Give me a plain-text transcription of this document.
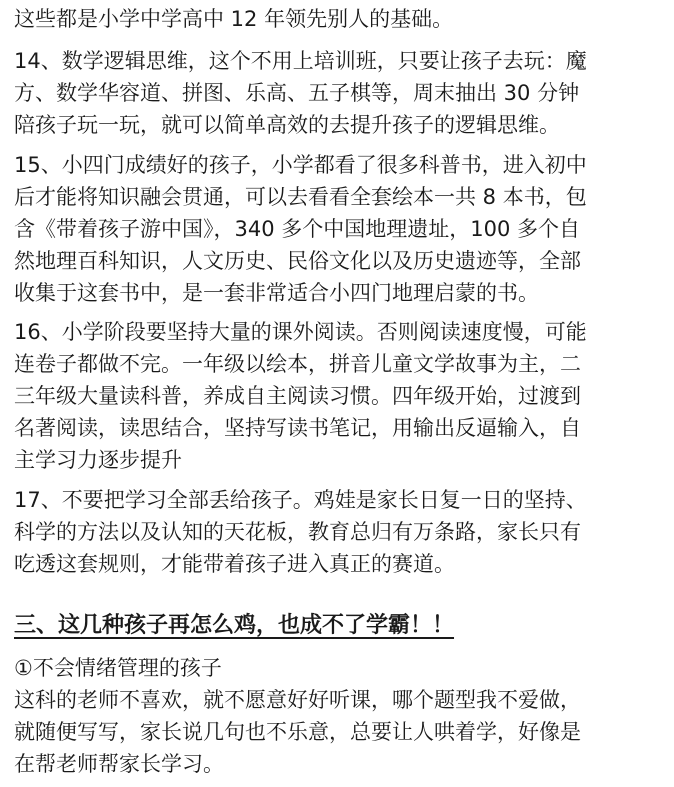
这些都是小学中学高中 12 年领先别人的基础。

14、数学逻辑思维，这个不用上培训班，只要让孩子去玩：魔
方、数学华容道、拼图、乐高、五子棋等，周末抽出 30 分钟
陪孩子玩一玩，就可以简单高效的去提升孩子的逻辑思维。

15、小四门成绩好的孩子，小学都看了很多科普书，进入初中
后才能将知识融会贯通，可以去看看全套绘本一共 8 本书，包
含《带着孩子游中国》，340 多个中国地理遗址，100 多个自
然地理百科知识，人文历史、民俗文化以及历史遗迹等，全部
收集于这套书中，是一套非常适合小四门地理启蒙的书。

16、小学阶段要坚持大量的课外阅读。否则阅读速度慢，可能
连卷子都做不完。一年级以绘本，拼音儿童文学故事为主，二
三年级大量读科普，养成自主阅读习惯。四年级开始，过渡到
名著阅读，读思结合，坚持写读书笔记，用输出反逼输入，自
主学习力逐步提升

17、不要把学习全部丢给孩子。鸡娃是家长日复一日的坚持、
科学的方法以及认知的天花板，教育总归有万条路，家长只有
吃透这套规则，才能带着孩子进入真正的赛道。

三、这几种孩子再怎么鸡，也成不了学霸！！

①不会情绪管理的孩子
这科的老师不喜欢，就不愿意好好听课，哪个题型我不爱做，
就随便写写，家长说几句也不乐意，总要让人哄着学，好像是
在帮老师帮家长学习。
